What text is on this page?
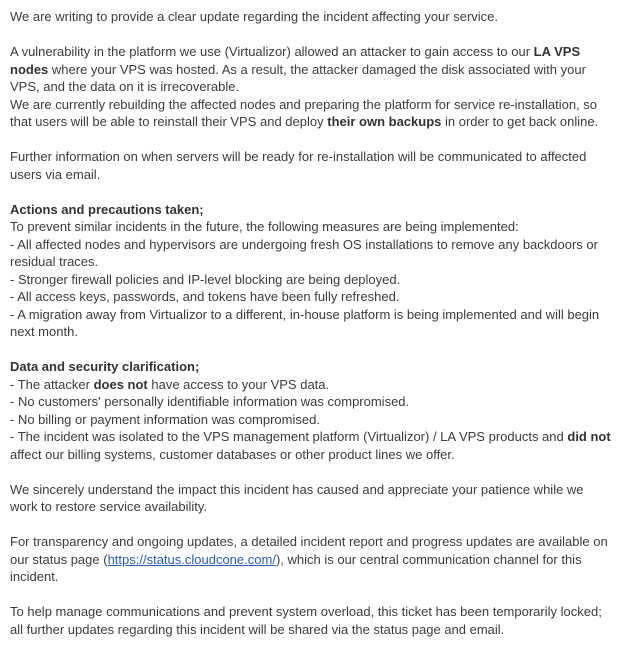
We are writing to provide a clear update regarding the incident affecting your service.

A vulnerability in the platform we use (Virtualizor) allowed an attacker to gain access to our LA VPS nodes where your VPS was hosted. As a result, the attacker damaged the disk associated with your VPS, and the data on it is irrecoverable.

We are currently rebuilding the affected nodes and preparing the platform for service re-installation, so that users will be able to reinstall their VPS and deploy their own backups in order to get back online.

Further information on when servers will be ready for re-installation will be communicated to affected users via email.

Actions and precautions taken;

To prevent similar incidents in the future, the following measures are being implemented:

- All affected nodes and hypervisors are undergoing fresh OS installations to remove any backdoors or residual traces.

- Stronger firewall policies and IP-level blocking are being deployed.

- All access keys, passwords, and tokens have been fully refreshed.

- A migration away from Virtualizor to a different, in-house platform is being implemented and will begin next month.

Data and security clarification;

- The attacker does not have access to your VPS data.

- No customers' personally identifiable information was compromised.

- No billing or payment information was compromised.

- The incident was isolated to the VPS management platform (Virtualizor) / LA VPS products and did not affect our billing systems, customer databases or other product lines we offer.

We sincerely understand the impact this incident has caused and appreciate your patience while we work to restore service availability.

For transparency and ongoing updates, a detailed incident report and progress updates are available on our status page (https://status.cloudcone.com/), which is our central communication channel for this incident.

To help manage communications and prevent system overload, this ticket has been temporarily locked; all further updates regarding this incident will be shared via the status page and email.
